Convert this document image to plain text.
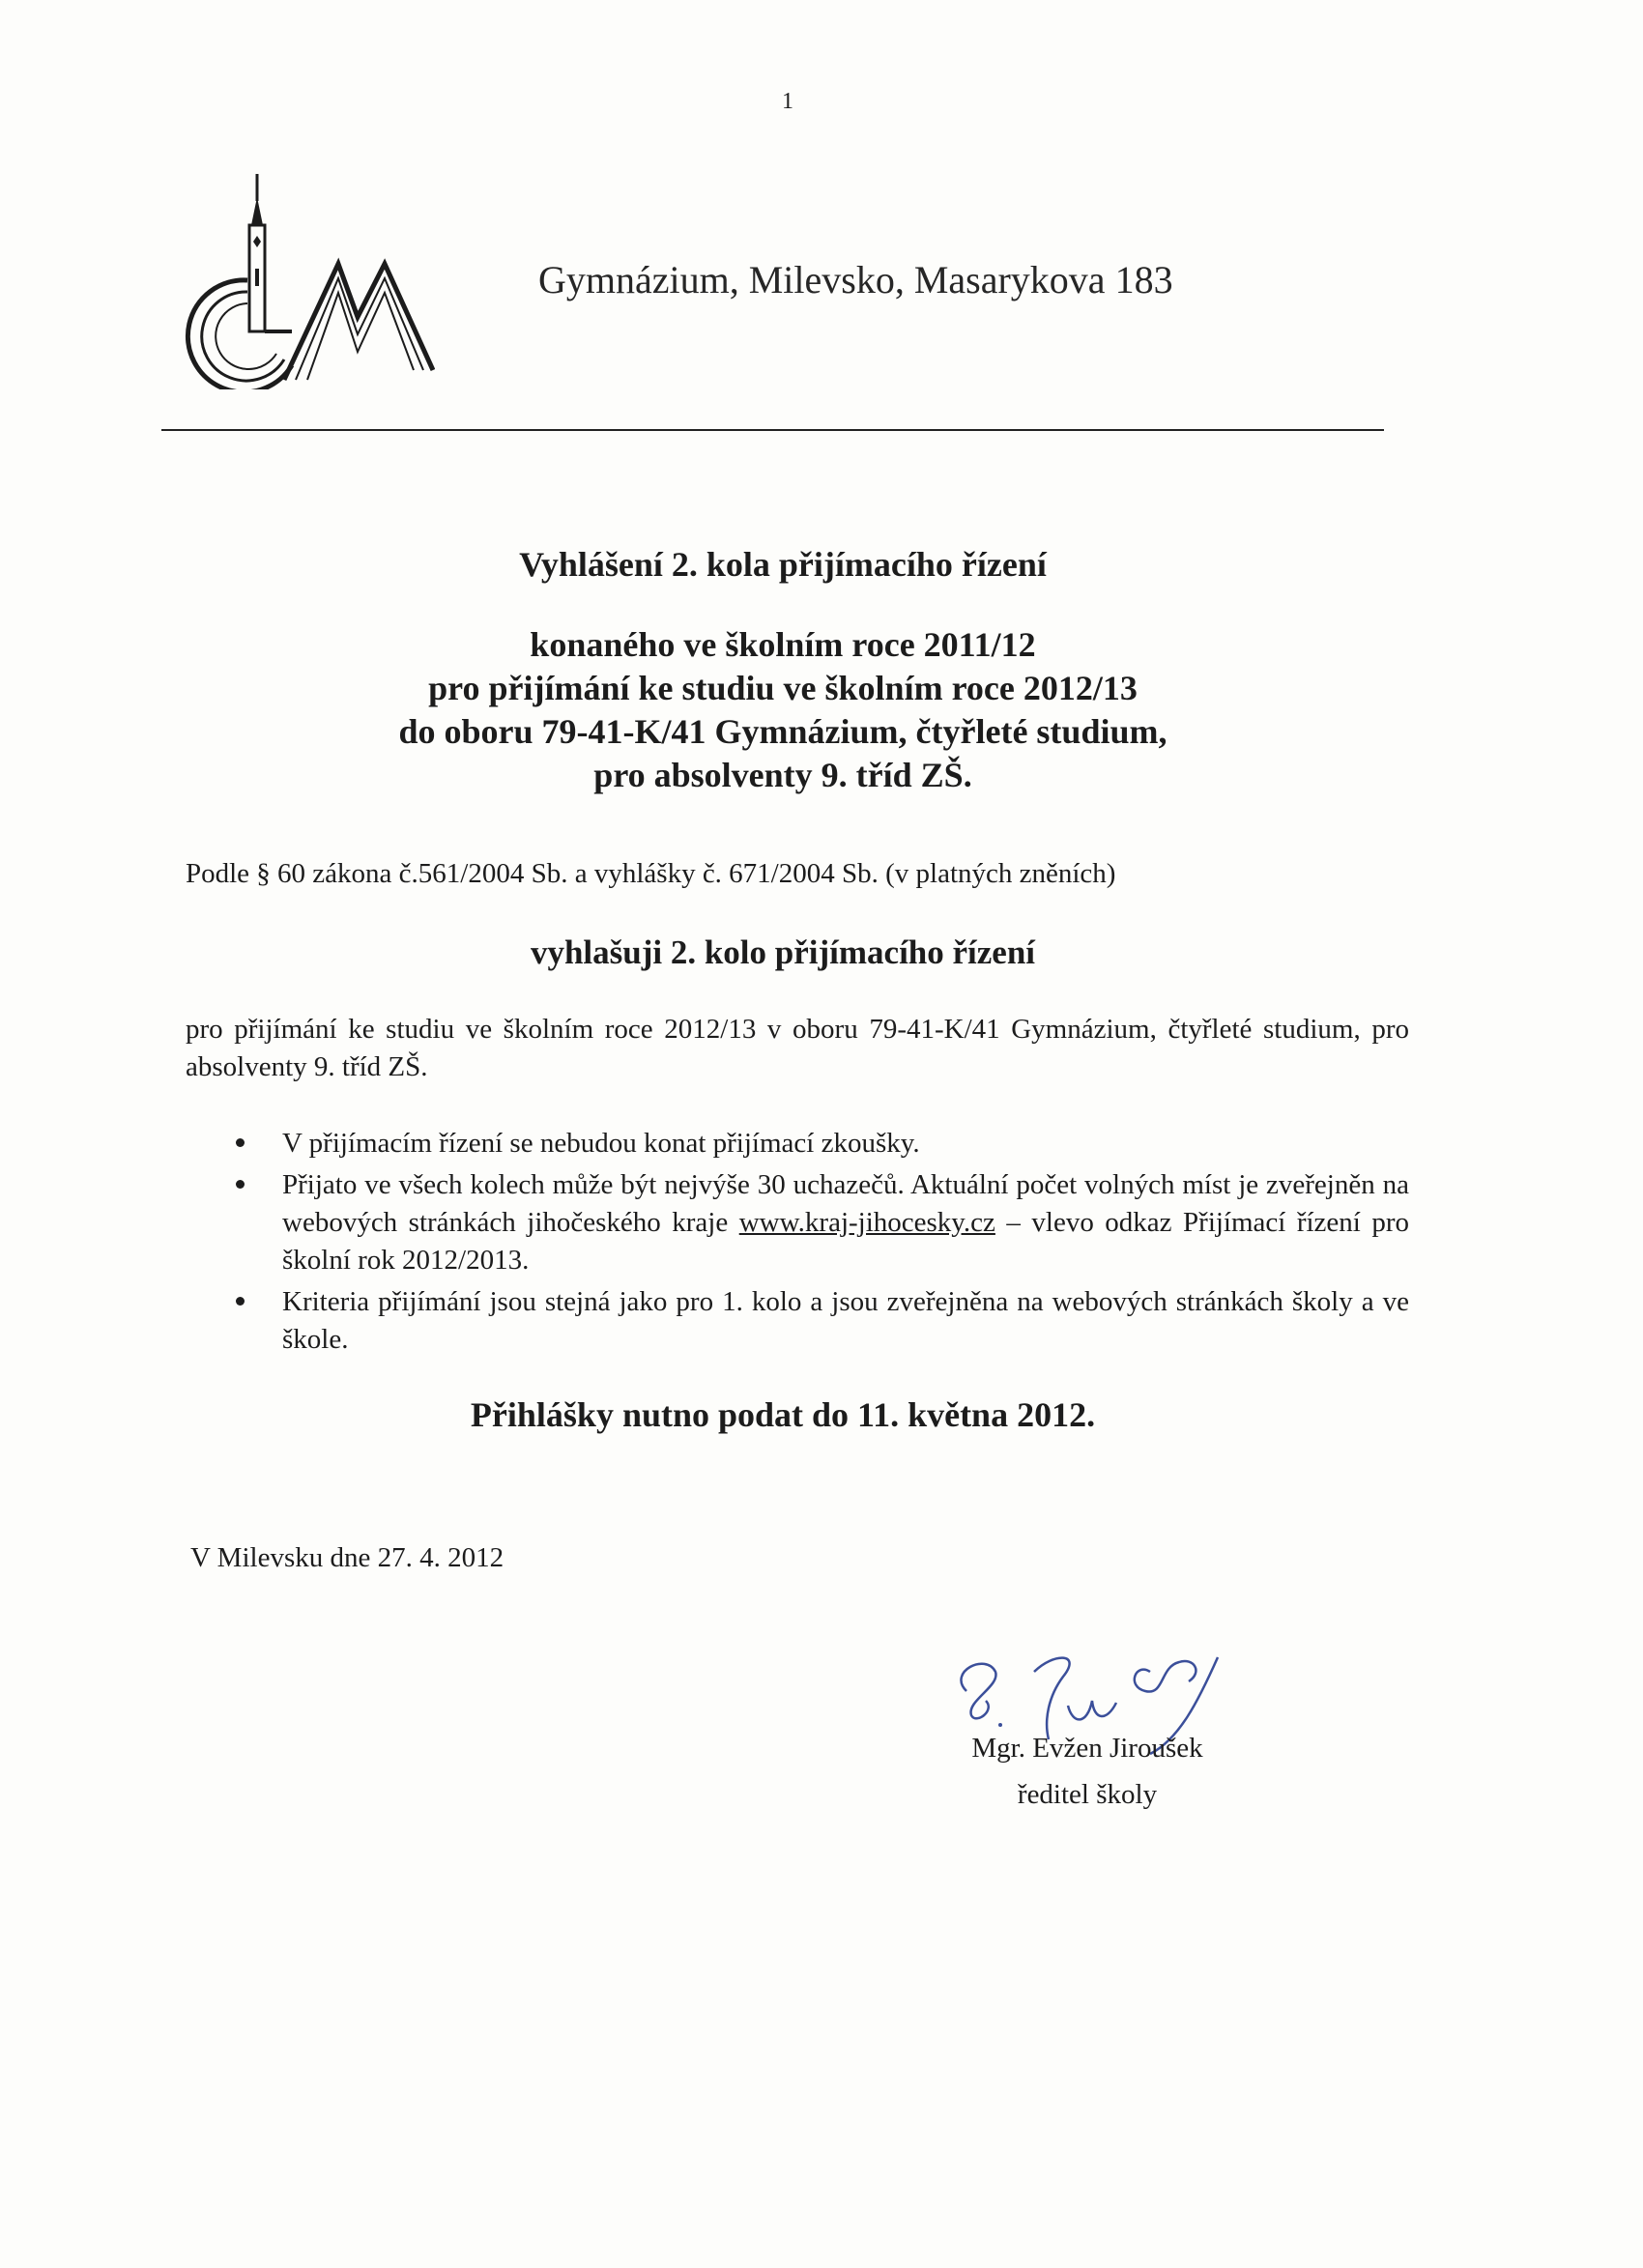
1
Gymnázium, Milevsko, Masarykova 183
Vyhlášení 2. kola přijímacího řízení
konaného ve školním roce 2011/12
pro přijímání ke studiu ve školním roce 2012/13
do oboru 79-41-K/41 Gymnázium, čtyřleté studium,
pro absolventy 9. tříd ZŠ.
Podle § 60 zákona č.561/2004 Sb. a vyhlášky č. 671/2004 Sb. (v platných zněních)
vyhlašuji 2. kolo přijímacího řízení
pro přijímání ke studiu ve školním roce 2012/13 v oboru 79-41-K/41 Gymnázium, čtyřleté studium, pro absolventy 9. tříd ZŠ.
V přijímacím řízení se nebudou konat přijímací zkoušky.
Přijato ve všech kolech může být nejvýše 30 uchazečů. Aktuální počet volných míst je zveřejněn na webových stránkách jihočeského kraje www.kraj-jihocesky.cz – vlevo odkaz Přijímací řízení pro školní rok 2012/2013.
Kriteria přijímání jsou stejná jako pro 1. kolo a jsou zveřejněna na webových stránkách školy a ve škole.
Přihlášky nutno podat do 11. května 2012.
V Milevsku dne 27. 4. 2012
Mgr. Evžen Jiroušek
ředitel školy
